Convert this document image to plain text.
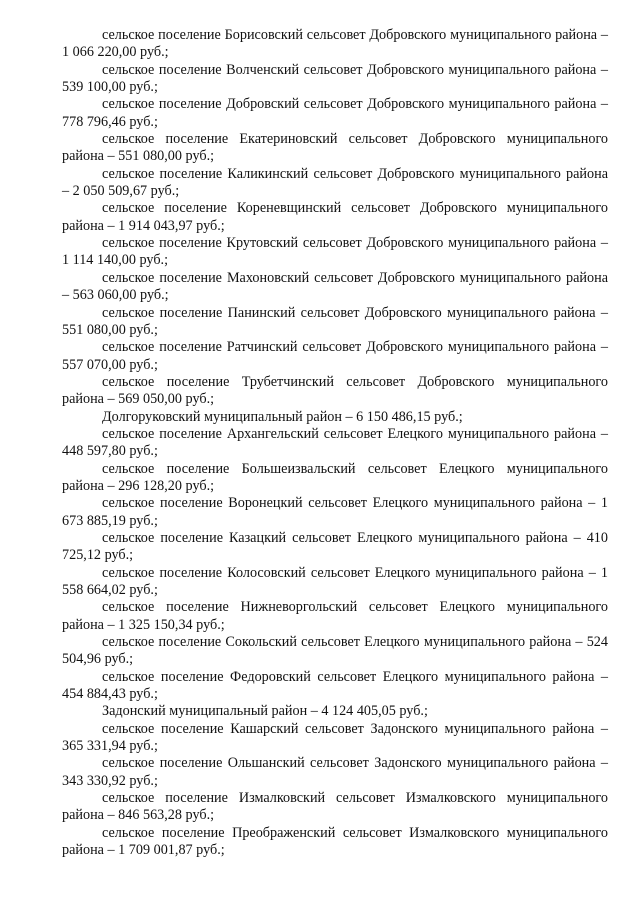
сельское поселение Борисовский сельсовет Добровского муниципального района – 1 066 220,00 руб.;

сельское поселение Волченский сельсовет Добровского муниципального района – 539 100,00 руб.;

сельское поселение Добровский сельсовет Добровского муниципального района – 778 796,46 руб.;

сельское поселение Екатериновский сельсовет Добровского муниципального района – 551 080,00 руб.;

сельское поселение Каликинский сельсовет Добровского муниципального района – 2 050 509,67 руб.;

сельское поселение Кореневщинский сельсовет Добровского муниципального района – 1 914 043,97 руб.;

сельское поселение Крутовский сельсовет Добровского муниципального района – 1 114 140,00 руб.;

сельское поселение Махоновский сельсовет Добровского муниципального района – 563 060,00 руб.;

сельское поселение Панинский сельсовет Добровского муниципального района – 551 080,00 руб.;

сельское поселение Ратчинский сельсовет Добровского муниципального района – 557 070,00 руб.;

сельское поселение Трубетчинский сельсовет Добровского муниципального района – 569 050,00 руб.;

Долгоруковский муниципальный район – 6 150 486,15 руб.;

сельское поселение Архангельский сельсовет Елецкого муниципального района – 448 597,80 руб.;

сельское поселение Большеизвальский сельсовет Елецкого муниципального района – 296 128,20 руб.;

сельское поселение Воронецкий сельсовет Елецкого муниципального района – 1 673 885,19 руб.;

сельское поселение Казацкий сельсовет Елецкого муниципального района – 410 725,12 руб.;

сельское поселение Колосовский сельсовет Елецкого муниципального района – 1 558 664,02 руб.;

сельское поселение Нижневоргольский сельсовет Елецкого муниципального района – 1 325 150,34 руб.;

сельское поселение Сокольский сельсовет Елецкого муниципального района – 524 504,96 руб.;

сельское поселение Федоровский сельсовет Елецкого муниципального района – 454 884,43 руб.;

Задонский муниципальный район – 4 124 405,05 руб.;

сельское поселение Кашарский сельсовет Задонского муниципального района – 365 331,94 руб.;

сельское поселение Ольшанский сельсовет Задонского муниципального района – 343 330,92 руб.;

сельское поселение Измалковский сельсовет Измалковского муниципального района – 846 563,28 руб.;

сельское поселение Преображенский сельсовет Измалковского муниципального района – 1 709 001,87 руб.;
